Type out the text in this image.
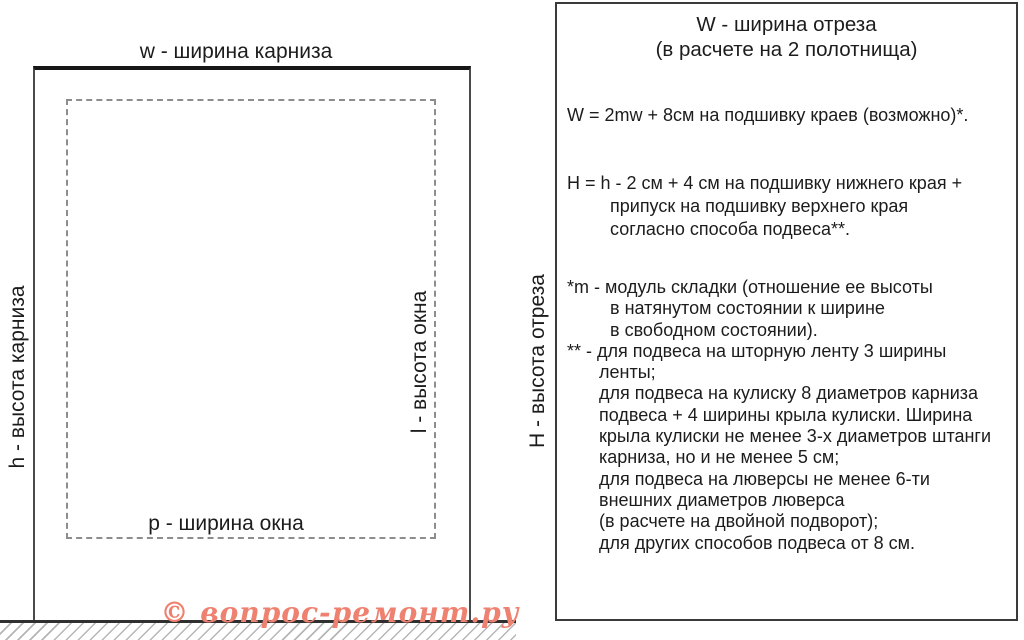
w - ширина карниза
h - высота карниза	l - высота окна
p - ширина окна
© вопрос-ремонт.ру
W - ширина отреза
(в расчете на 2 полотнища)
W = 2mw + 8см на подшивку краев (возможно)*.
H = h - 2 см + 4 см на подшивку нижнего края +
припуск на подшивку верхнего края
согласно способа подвеса**.
*m - модуль складки (отношение ее высоты
в натянутом состоянии к ширине
в свободном состоянии).
** - для подвеса на шторную ленту 3 ширины
ленты;
для подвеса на кулиску 8 диаметров карниза
подвеса + 4 ширины крыла кулиски. Ширина
крыла кулиски не менее 3-х диаметров штанги
карниза, но и не менее 5 см;
для подвеса на люверсы не менее 6-ти
внешних диаметров люверса
(в расчете на двойной подворот);
для других способов подвеса от 8 см.
H - высота отреза
